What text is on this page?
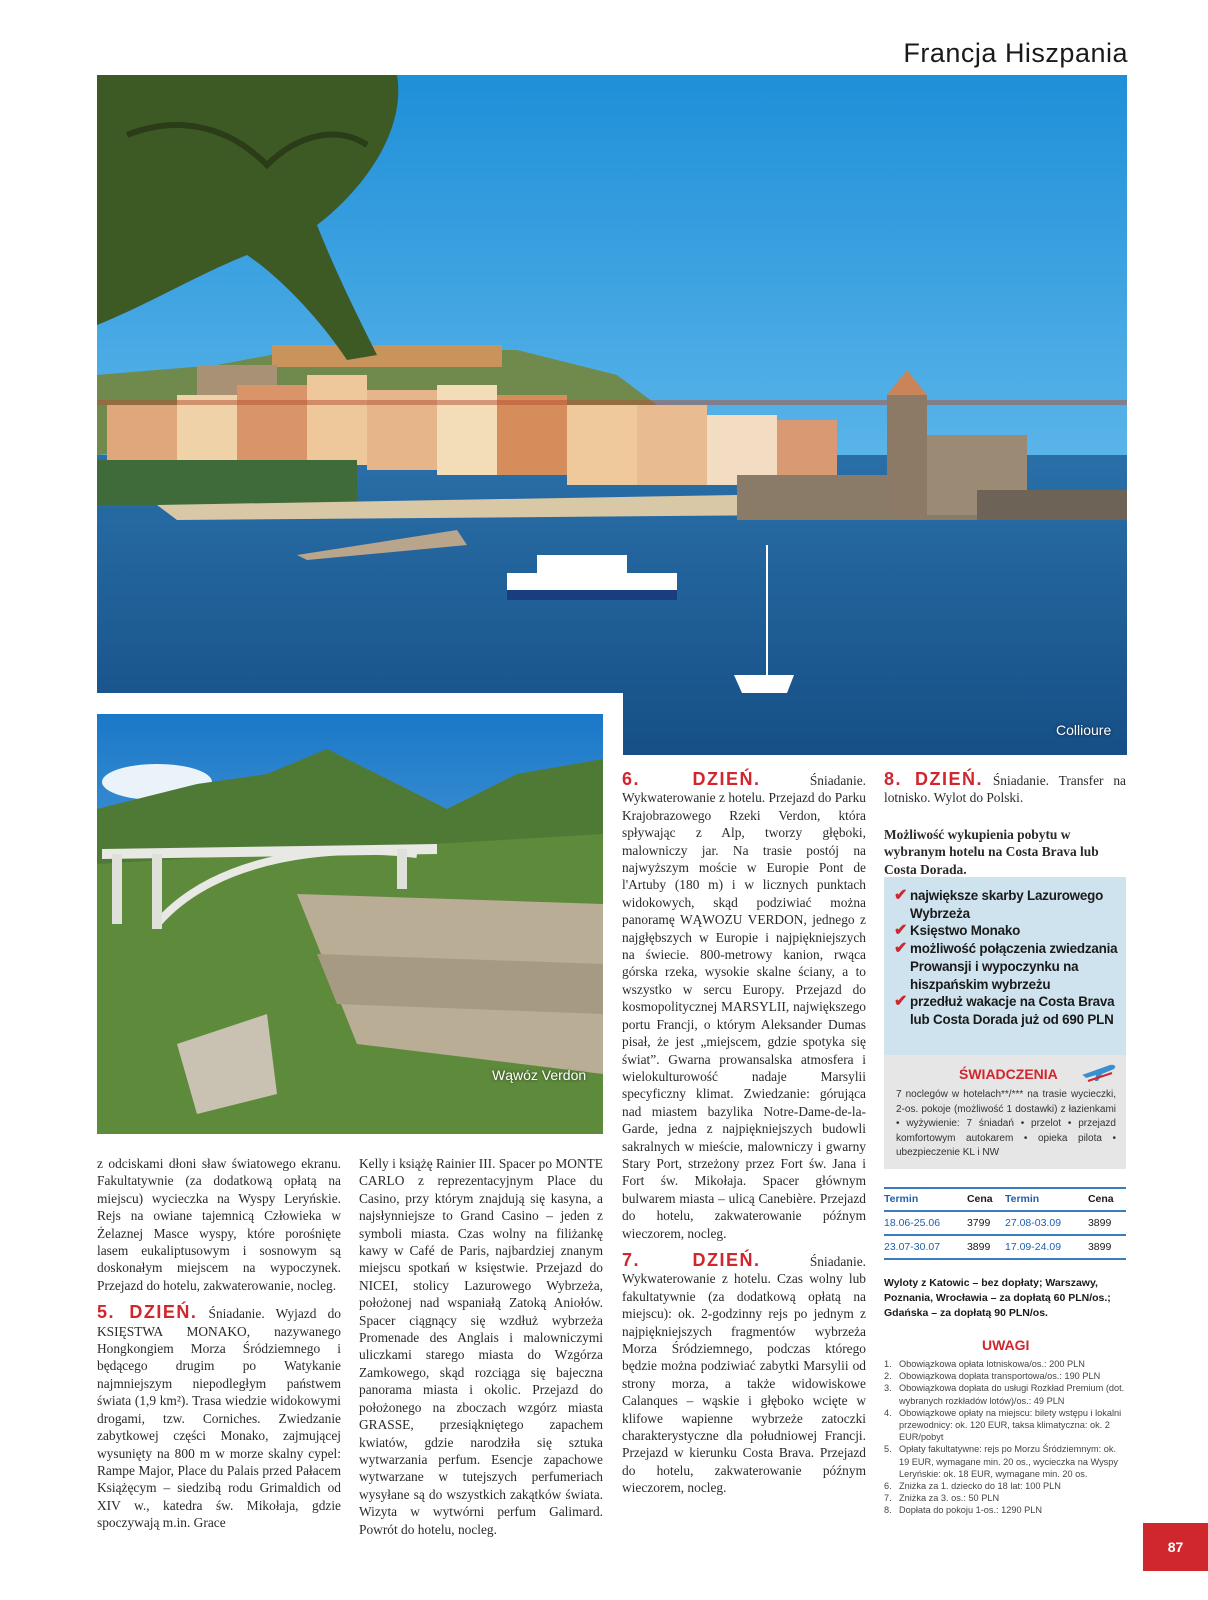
Francja Hiszpania
Collioure
Wąwóz Verdon

z odciskami dłoni sław światowego ekranu. Fakultatywnie (za dodatkową opłatą na miejscu) wycieczka na Wyspy Leryńskie. Rejs na owiane tajemnicą Człowieka w Żelaznej Masce wyspy, które porośnięte lasem eukaliptusowym i sosnowym są doskonałym miejscem na wypoczynek. Przejazd do hotelu, zakwaterowanie, nocleg.

5. DZIEŃ. Śniadanie. Wyjazd do KSIĘSTWA MONAKO, nazywanego Hongkongiem Morza Śródziemnego i będącego drugim po Watykanie najmniejszym niepodległym państwem świata (1,9 km²). Trasa wiedzie widokowymi drogami, tzw. Corniches. Zwiedzanie zabytkowej części Monako, zajmującej wysunięty na 800 m w morze skalny cypel: Rampe Major, Place du Palais przed Pałacem Książęcym – siedzibą rodu Grimaldich od XIV w., katedra św. Mikołaja, gdzie spoczywają m.in. Grace

Kelly i książę Rainier III. Spacer po MONTE CARLO z reprezentacyjnym Place du Casino, przy którym znajdują się kasyna, a najsłynniejsze to Grand Casino – jeden z symboli miasta. Czas wolny na filiżankę kawy w Café de Paris, najbardziej znanym miejscu spotkań w księstwie. Przejazd do NICEI, stolicy Lazurowego Wybrzeża, położonej nad wspaniałą Zatoką Aniołów. Spacer ciągnący się wzdłuż wybrzeża Promenade des Anglais i malowniczymi uliczkami starego miasta do Wzgórza Zamkowego, skąd rozciąga się bajeczna panorama miasta i okolic. Przejazd do położonego na zboczach wzgórz miasta GRASSE, przesiąkniętego zapachem kwiatów, gdzie narodziła się sztuka wytwarzania perfum. Esencje zapachowe wytwarzane w tutejszych perfumeriach wysyłane są do wszystkich zakątków świata. Wizyta w wytwórni perfum Galimard. Powrót do hotelu, nocleg.

6. DZIEŃ. Śniadanie. Wykwaterowanie z hotelu. Przejazd do Parku Krajobrazowego Rzeki Verdon, która spływając z Alp, tworzy głęboki, malowniczy jar. Na trasie postój na najwyższym moście w Europie Pont de l'Artuby (180 m) i w licznych punktach widokowych, skąd podziwiać można panoramę WĄWOZU VERDON, jednego z najgłębszych w Europie i najpiękniejszych na świecie. 800-metrowy kanion, rwąca górska rzeka, wysokie skalne ściany, a to wszystko w sercu Europy. Przejazd do kosmopolitycznej MARSYLII, największego portu Francji, o którym Aleksander Dumas pisał, że jest „miejscem, gdzie spotyka się świat”. Gwarna prowansalska atmosfera i wielokulturowość nadaje Marsylii specyficzny klimat. Zwiedzanie: górująca nad miastem bazylika Notre-Dame-de-la-Garde, jedna z najpiękniejszych budowli sakralnych w mieście, malowniczy i gwarny Stary Port, strzeżony przez Fort św. Jana i Fort św. Mikołaja. Spacer głównym bulwarem miasta – ulicą Canebière. Przejazd do hotelu, zakwaterowanie późnym wieczorem, nocleg.

7. DZIEŃ. Śniadanie. Wykwaterowanie z hotelu. Czas wolny lub fakultatywnie (za dodatkową opłatą na miejscu): ok. 2-godzinny rejs po jednym z najpiękniejszych fragmentów wybrzeża Morza Śródziemnego, podczas którego będzie można podziwiać zabytki Marsylii od strony morza, a także widowiskowe Calanques – wąskie i głęboko wcięte w klifowe wapienne wybrzeże zatoczki charakterystyczne dla południowej Francji. Przejazd w kierunku Costa Brava. Przejazd do hotelu, zakwaterowanie późnym wieczorem, nocleg.

8. DZIEŃ. Śniadanie. Transfer na lotnisko. Wylot do Polski.

Możliwość wykupienia pobytu w wybranym hotelu na Costa Brava lub Costa Dorada.
✔ największe skarby Lazurowego Wybrzeża
✔ Księstwo Monako
✔ możliwość połączenia zwiedzania Prowansji i wypoczynku na hiszpańskim wybrzeżu
✔ przedłuż wakacje na Costa Brava lub Costa Dorada już od 690 PLN
ŚWIADCZENIA
7 noclegów w hotelach**/*** na trasie wycieczki, 2-os. pokoje (możliwość 1 dostawki) z łazienkami • wyżywienie: 7 śniadań • przelot • przejazd komfortowym autokarem • opieka pilota • ubezpieczenie KL i NW
Termin	Cena	Termin	Cena
18.06-25.06	3799	27.08-03.09	3899
23.07-30.07	3899	17.09-24.09	3899
Wyloty z Katowic – bez dopłaty; Warszawy, Poznania, Wrocławia – za dopłatą 60 PLN/os.; Gdańska – za dopłatą 90 PLN/os.
UWAGI
1. Obowiązkowa opłata lotniskowa/os.: 200 PLN
2. Obowiązkowa dopłata transportowa/os.: 190 PLN
3. Obowiązkowa dopłata do usługi Rozkład Premium (dot. wybranych rozkładów lotów)/os.: 49 PLN
4. Obowiązkowe opłaty na miejscu: bilety wstępu i lokalni przewodnicy: ok. 120 EUR, taksa klimatyczna: ok. 2 EUR/pobyt
5. Opłaty fakultatywne: rejs po Morzu Śródziemnym: ok. 19 EUR, wymagane min. 20 os., wycieczka na Wyspy Leryńskie: ok. 18 EUR, wymagane min. 20 os.
6. Zniżka za 1. dziecko do 18 lat: 100 PLN
7. Zniżka za 3. os.: 50 PLN
8. Dopłata do pokoju 1-os.: 1290 PLN
87
